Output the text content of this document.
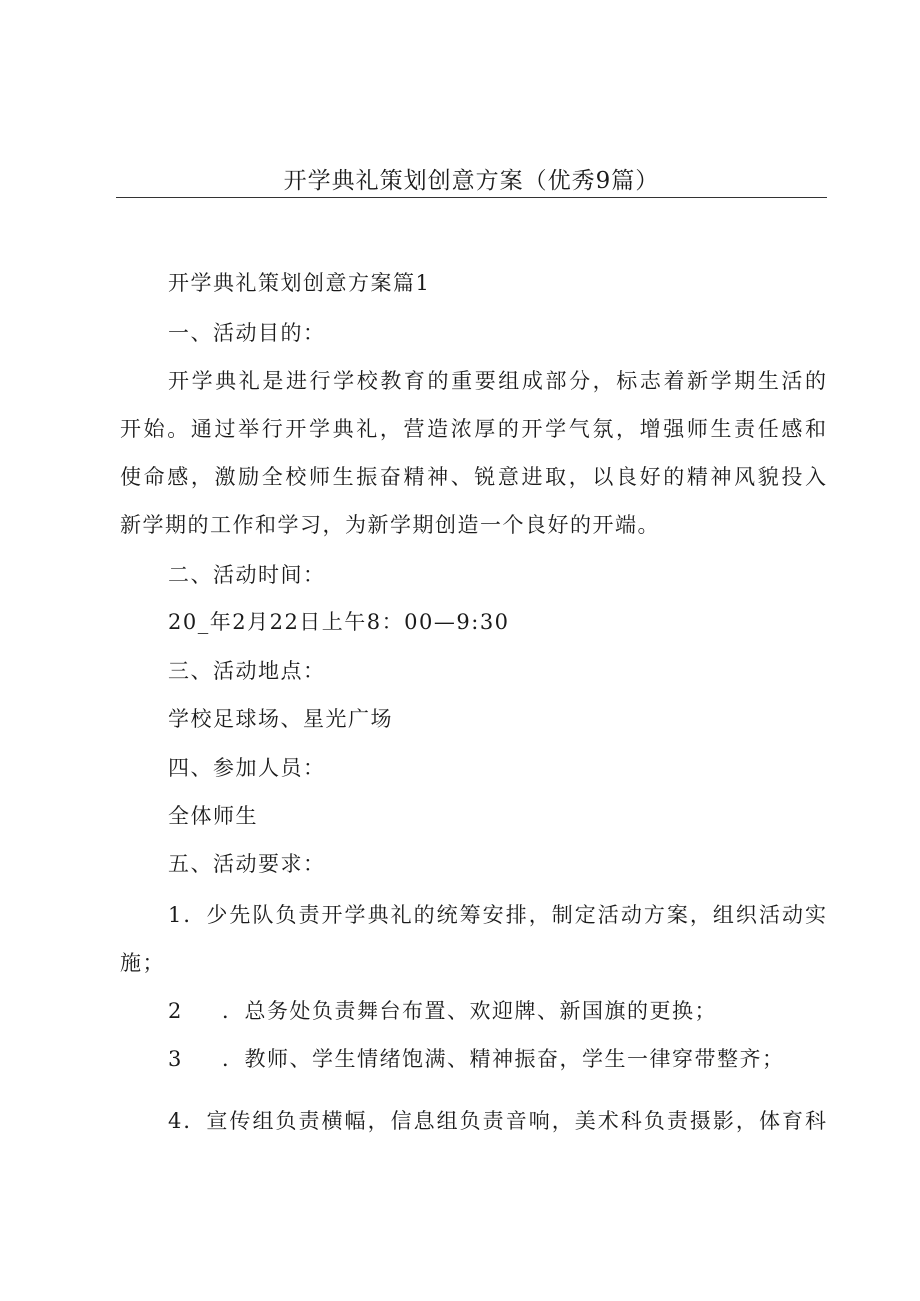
开学典礼策划创意方案（优秀9篇）
开学典礼策划创意方案篇1
一、活动目的：
开学典礼是进行学校教育的重要组成部分，标志着新学期生活的
开始。通过举行开学典礼，营造浓厚的开学气氛，增强师生责任感和
使命感，激励全校师生振奋精神、锐意进取，以良好的精神风貌投入
新学期的工作和学习，为新学期创造一个良好的开端。
二、活动时间：
20_年2月22日上午8：00—9:30
三、活动地点：
学校足球场、星光广场
四、参加人员：
全体师生
五、活动要求：
1．少先队负责开学典礼的统筹安排，制定活动方案，组织活动实
施；
2 ．总务处负责舞台布置、欢迎牌、新国旗的更换；
3 ．教师、学生情绪饱满、精神振奋，学生一律穿带整齐；
4．宣传组负责横幅，信息组负责音响，美术科负责摄影，体育科
